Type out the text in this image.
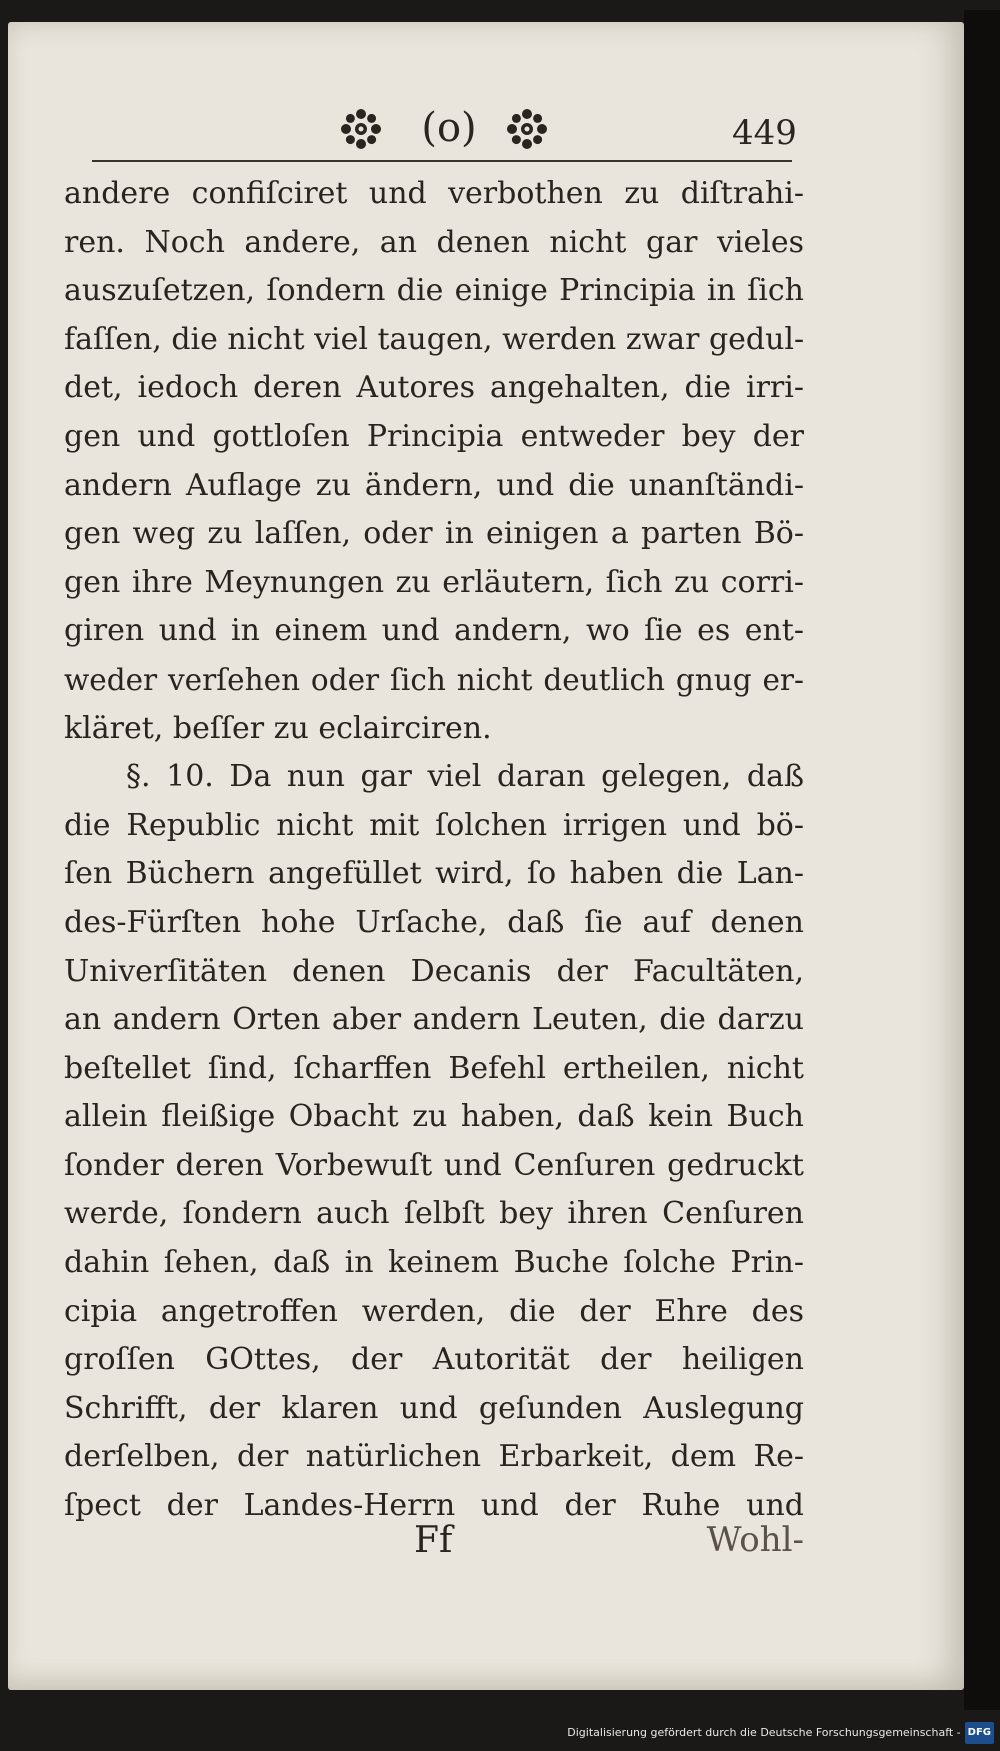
(o)	449
andere confiſciret und verbothen zu diſtrahi-
ren. Noch andere, an denen nicht gar vieles
auszuſetzen, ſondern die einige Principia in ſich
faſſen, die nicht viel taugen, werden zwar gedul-
det, iedoch deren Autores angehalten, die irri-
gen und gottloſen Principia entweder bey der
andern Auflage zu ändern, und die unanſtändi-
gen weg zu laſſen, oder in einigen a parten Bö-
gen ihre Meynungen zu erläutern, ſich zu corri-
giren und in einem und andern, wo ſie es ent-
weder verſehen oder ſich nicht deutlich gnug er-
kläret, beſſer zu eclairciren.
§. 10. Da nun gar viel daran gelegen, daß
die Republic nicht mit ſolchen irrigen und bö-
ſen Büchern angefüllet wird, ſo haben die Lan-
des-Fürſten hohe Urſache, daß ſie auf denen
Univerſitäten denen Decanis der Facultäten,
an andern Orten aber andern Leuten, die darzu
beſtellet ſind, ſcharffen Befehl ertheilen, nicht
allein fleißige Obacht zu haben, daß kein Buch
ſonder deren Vorbewuſt und Cenſuren gedruckt
werde, ſondern auch ſelbſt bey ihren Cenſuren
dahin ſehen, daß in keinem Buche ſolche Prin-
cipia angetroffen werden, die der Ehre des
groſſen GOttes, der Autorität der heiligen
Schrifft, der klaren und geſunden Auslegung
derſelben, der natürlichen Erbarkeit, dem Re-
ſpect der Landes-Herrn und der Ruhe und
Ff	Wohl-
Digitalisierung gefördert durch die Deutsche Forschungsgemeinschaft - DFG
